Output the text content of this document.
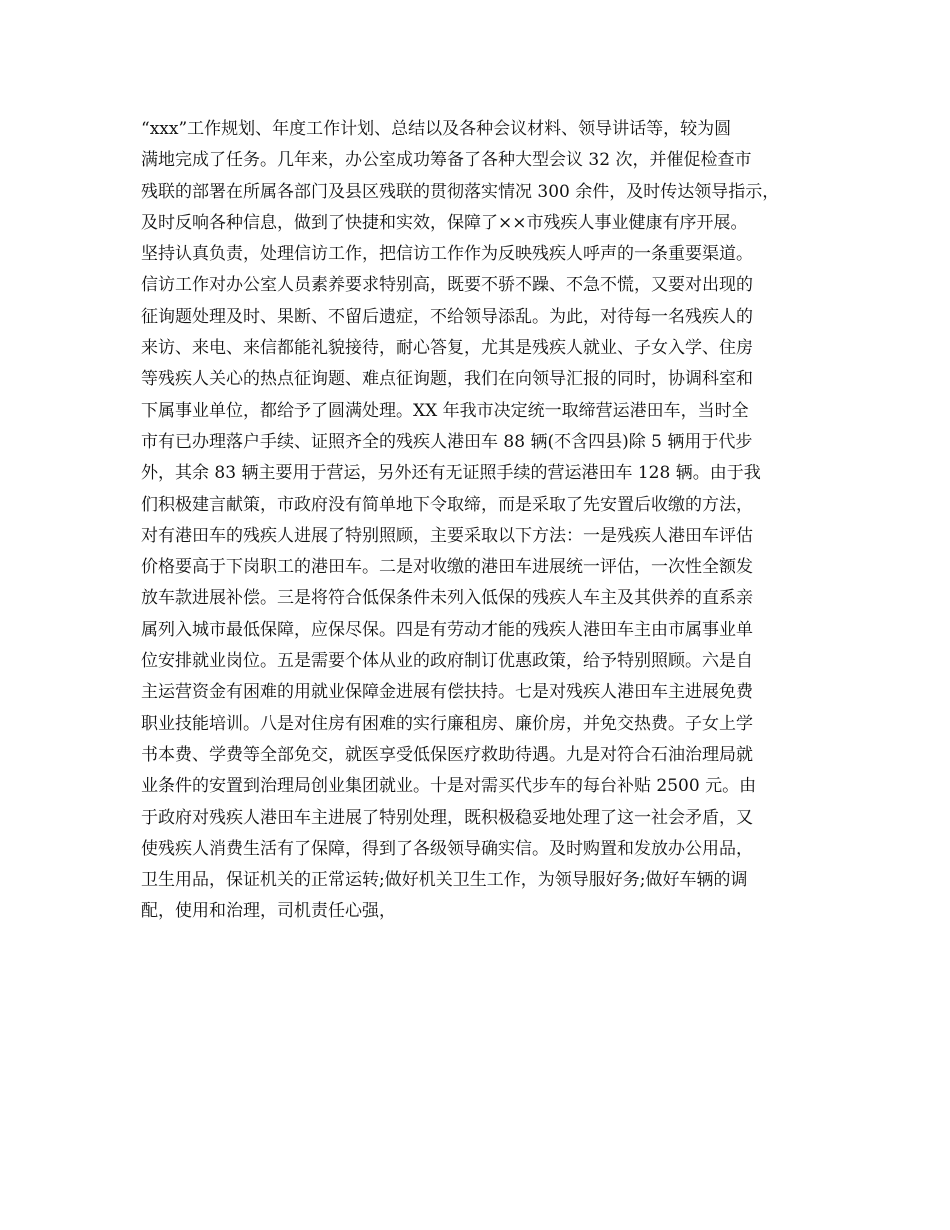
“xxx”工作规划、年度工作计划、总结以及各种会议材料、领导讲话等，较为圆
满地完成了任务。几年来，办公室成功筹备了各种大型会议 32 次，并催促检查市
残联的部署在所属各部门及县区残联的贯彻落实情况 300 余件，及时传达领导指示，
及时反响各种信息，做到了快捷和实效，保障了××市残疾人事业健康有序开展。
坚持认真负责，处理信访工作，把信访工作作为反映残疾人呼声的一条重要渠道。
信访工作对办公室人员素养要求特别高，既要不骄不躁、不急不慌，又要对出现的
征询题处理及时、果断、不留后遗症，不给领导添乱。为此，对待每一名残疾人的
来访、来电、来信都能礼貌接待，耐心答复，尤其是残疾人就业、子女入学、住房
等残疾人关心的热点征询题、难点征询题，我们在向领导汇报的同时，协调科室和
下属事业单位，都给予了圆满处理。XX 年我市决定统一取缔营运港田车，当时全
市有已办理落户手续、证照齐全的残疾人港田车 88 辆(不含四县)除 5 辆用于代步
外，其余 83 辆主要用于营运，另外还有无证照手续的营运港田车 128 辆。由于我
们积极建言献策，市政府没有简单地下令取缔，而是采取了先安置后收缴的方法，
对有港田车的残疾人进展了特别照顾，主要采取以下方法：一是残疾人港田车评估
价格要高于下岗职工的港田车。二是对收缴的港田车进展统一评估，一次性全额发
放车款进展补偿。三是将符合低保条件未列入低保的残疾人车主及其供养的直系亲
属列入城市最低保障，应保尽保。四是有劳动才能的残疾人港田车主由市属事业单
位安排就业岗位。五是需要个体从业的政府制订优惠政策，给予特别照顾。六是自
主运营资金有困难的用就业保障金进展有偿扶持。七是对残疾人港田车主进展免费
职业技能培训。八是对住房有困难的实行廉租房、廉价房，并免交热费。子女上学
书本费、学费等全部免交，就医享受低保医疗救助待遇。九是对符合石油治理局就
业条件的安置到治理局创业集团就业。十是对需买代步车的每台补贴 2500 元。由
于政府对残疾人港田车主进展了特别处理，既积极稳妥地处理了这一社会矛盾，又
使残疾人消费生活有了保障，得到了各级领导确实信。及时购置和发放办公用品，
卫生用品，保证机关的正常运转;做好机关卫生工作，为领导服好务;做好车辆的调
配，使用和治理，司机责任心强，
